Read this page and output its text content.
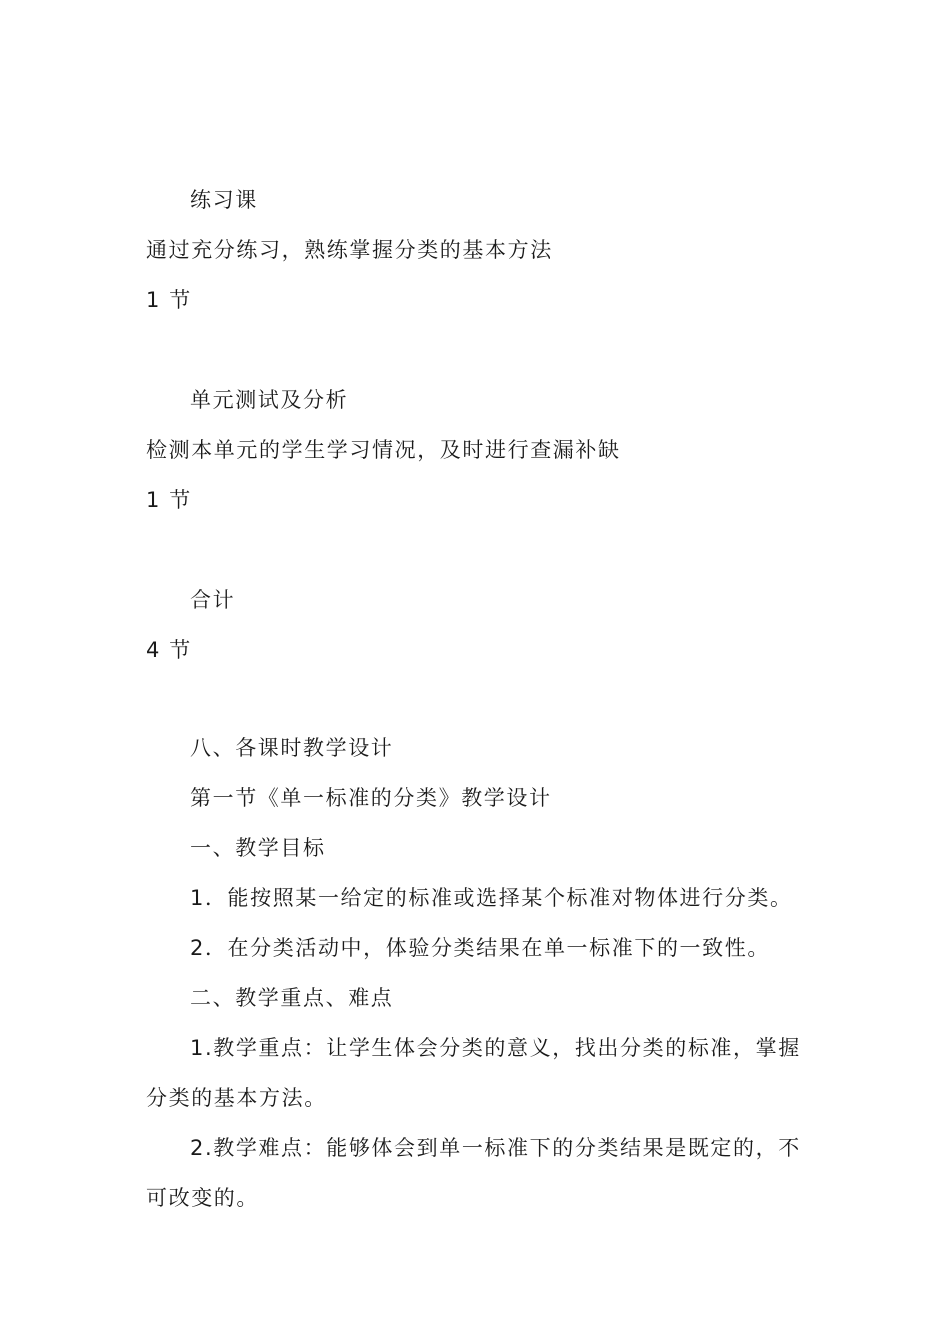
练习课
通过充分练习，熟练掌握分类的基本方法
1 节
单元测试及分析
检测本单元的学生学习情况，及时进行查漏补缺
1 节
合计
4 节
八、各课时教学设计
第一节《单一标准的分类》教学设计
一、教学目标
1．能按照某一给定的标准或选择某个标准对物体进行分类。
2．在分类活动中，体验分类结果在单一标准下的一致性。
二、教学重点、难点
1.教学重点：让学生体会分类的意义，找出分类的标准，掌握
分类的基本方法。
2.教学难点：能够体会到单一标准下的分类结果是既定的，不
可改变的。
